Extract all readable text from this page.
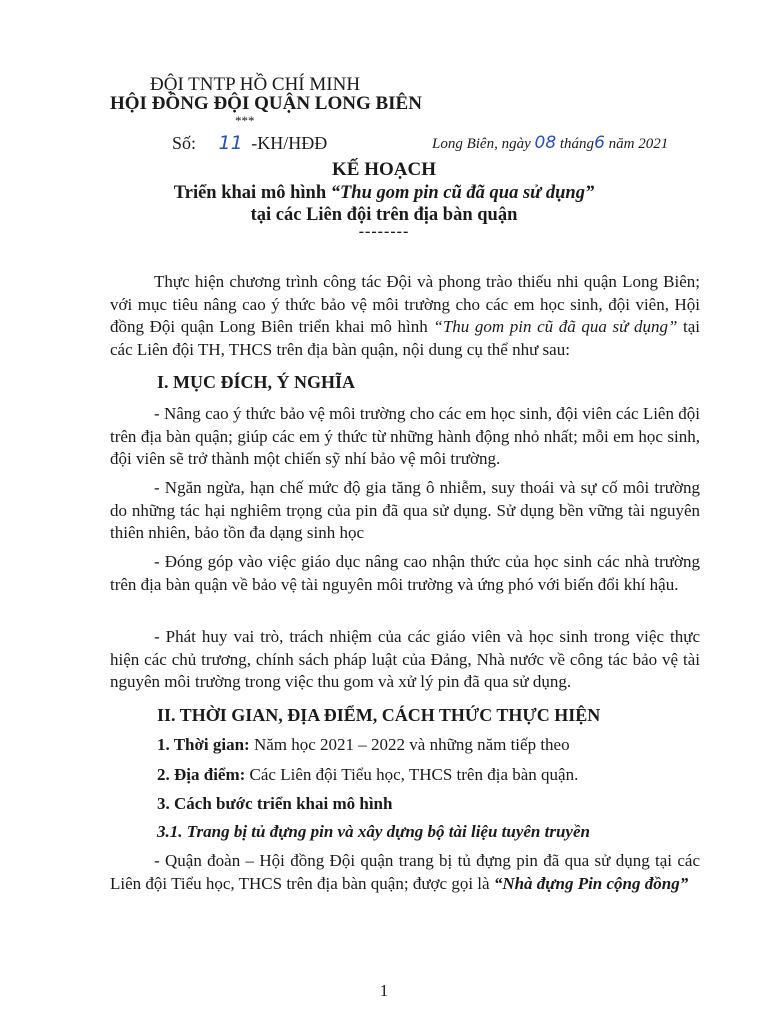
ĐỘI TNTP HỒ CHÍ MINH
HỘI ĐỒNG ĐỘI QUẬN LONG BIÊN
***
Số: 11 -KH/HĐĐ	Long Biên, ngày 08 tháng6 năm 2021
KẾ HOẠCH
Triển khai mô hình “Thu gom pin cũ đã qua sử dụng”
tại các Liên đội trên địa bàn quận
--------
Thực hiện chương trình công tác Đội và phong trào thiếu nhi quận Long Biên; với mục tiêu nâng cao ý thức bảo vệ môi trường cho các em học sinh, đội viên, Hội đồng Đội quận Long Biên triển khai mô hình “Thu gom pin cũ đã qua sử dụng” tại các Liên đội TH, THCS trên địa bàn quận, nội dung cụ thể như sau:
I. MỤC ĐÍCH, Ý NGHĨA
- Nâng cao ý thức bảo vệ môi trường cho các em học sinh, đội viên các Liên đội trên địa bàn quận; giúp các em ý thức từ những hành động nhỏ nhất; mỗi em học sinh, đội viên sẽ trở thành một chiến sỹ nhí bảo vệ môi trường.
- Ngăn ngừa, hạn chế mức độ gia tăng ô nhiễm, suy thoái và sự cố môi trường do những tác hại nghiêm trọng của pin đã qua sử dụng. Sử dụng bền vững tài nguyên thiên nhiên, bảo tồn đa dạng sinh học
- Đóng góp vào việc giáo dục nâng cao nhận thức của học sinh các nhà trường trên địa bàn quận về bảo vệ tài nguyên môi trường và ứng phó với biến đổi khí hậu.
- Phát huy vai trò, trách nhiệm của các giáo viên và học sinh trong việc thực hiện các chủ trương, chính sách pháp luật của Đảng, Nhà nước về công tác bảo vệ tài nguyên môi trường trong việc thu gom và xử lý pin đã qua sử dụng.
II. THỜI GIAN, ĐỊA ĐIỂM, CÁCH THỨC THỰC HIỆN
1. Thời gian: Năm học 2021 – 2022 và những năm tiếp theo
2. Địa điểm: Các Liên đội Tiểu học, THCS trên địa bàn quận.
3. Cách bước triển khai mô hình
3.1. Trang bị tủ đựng pin và xây dựng bộ tài liệu tuyên truyền
- Quận đoàn – Hội đồng Đội quận trang bị tủ đựng pin đã qua sử dụng tại các Liên đội Tiểu học, THCS trên địa bàn quận; được gọi là “Nhà đựng Pin cộng đồng”
1
